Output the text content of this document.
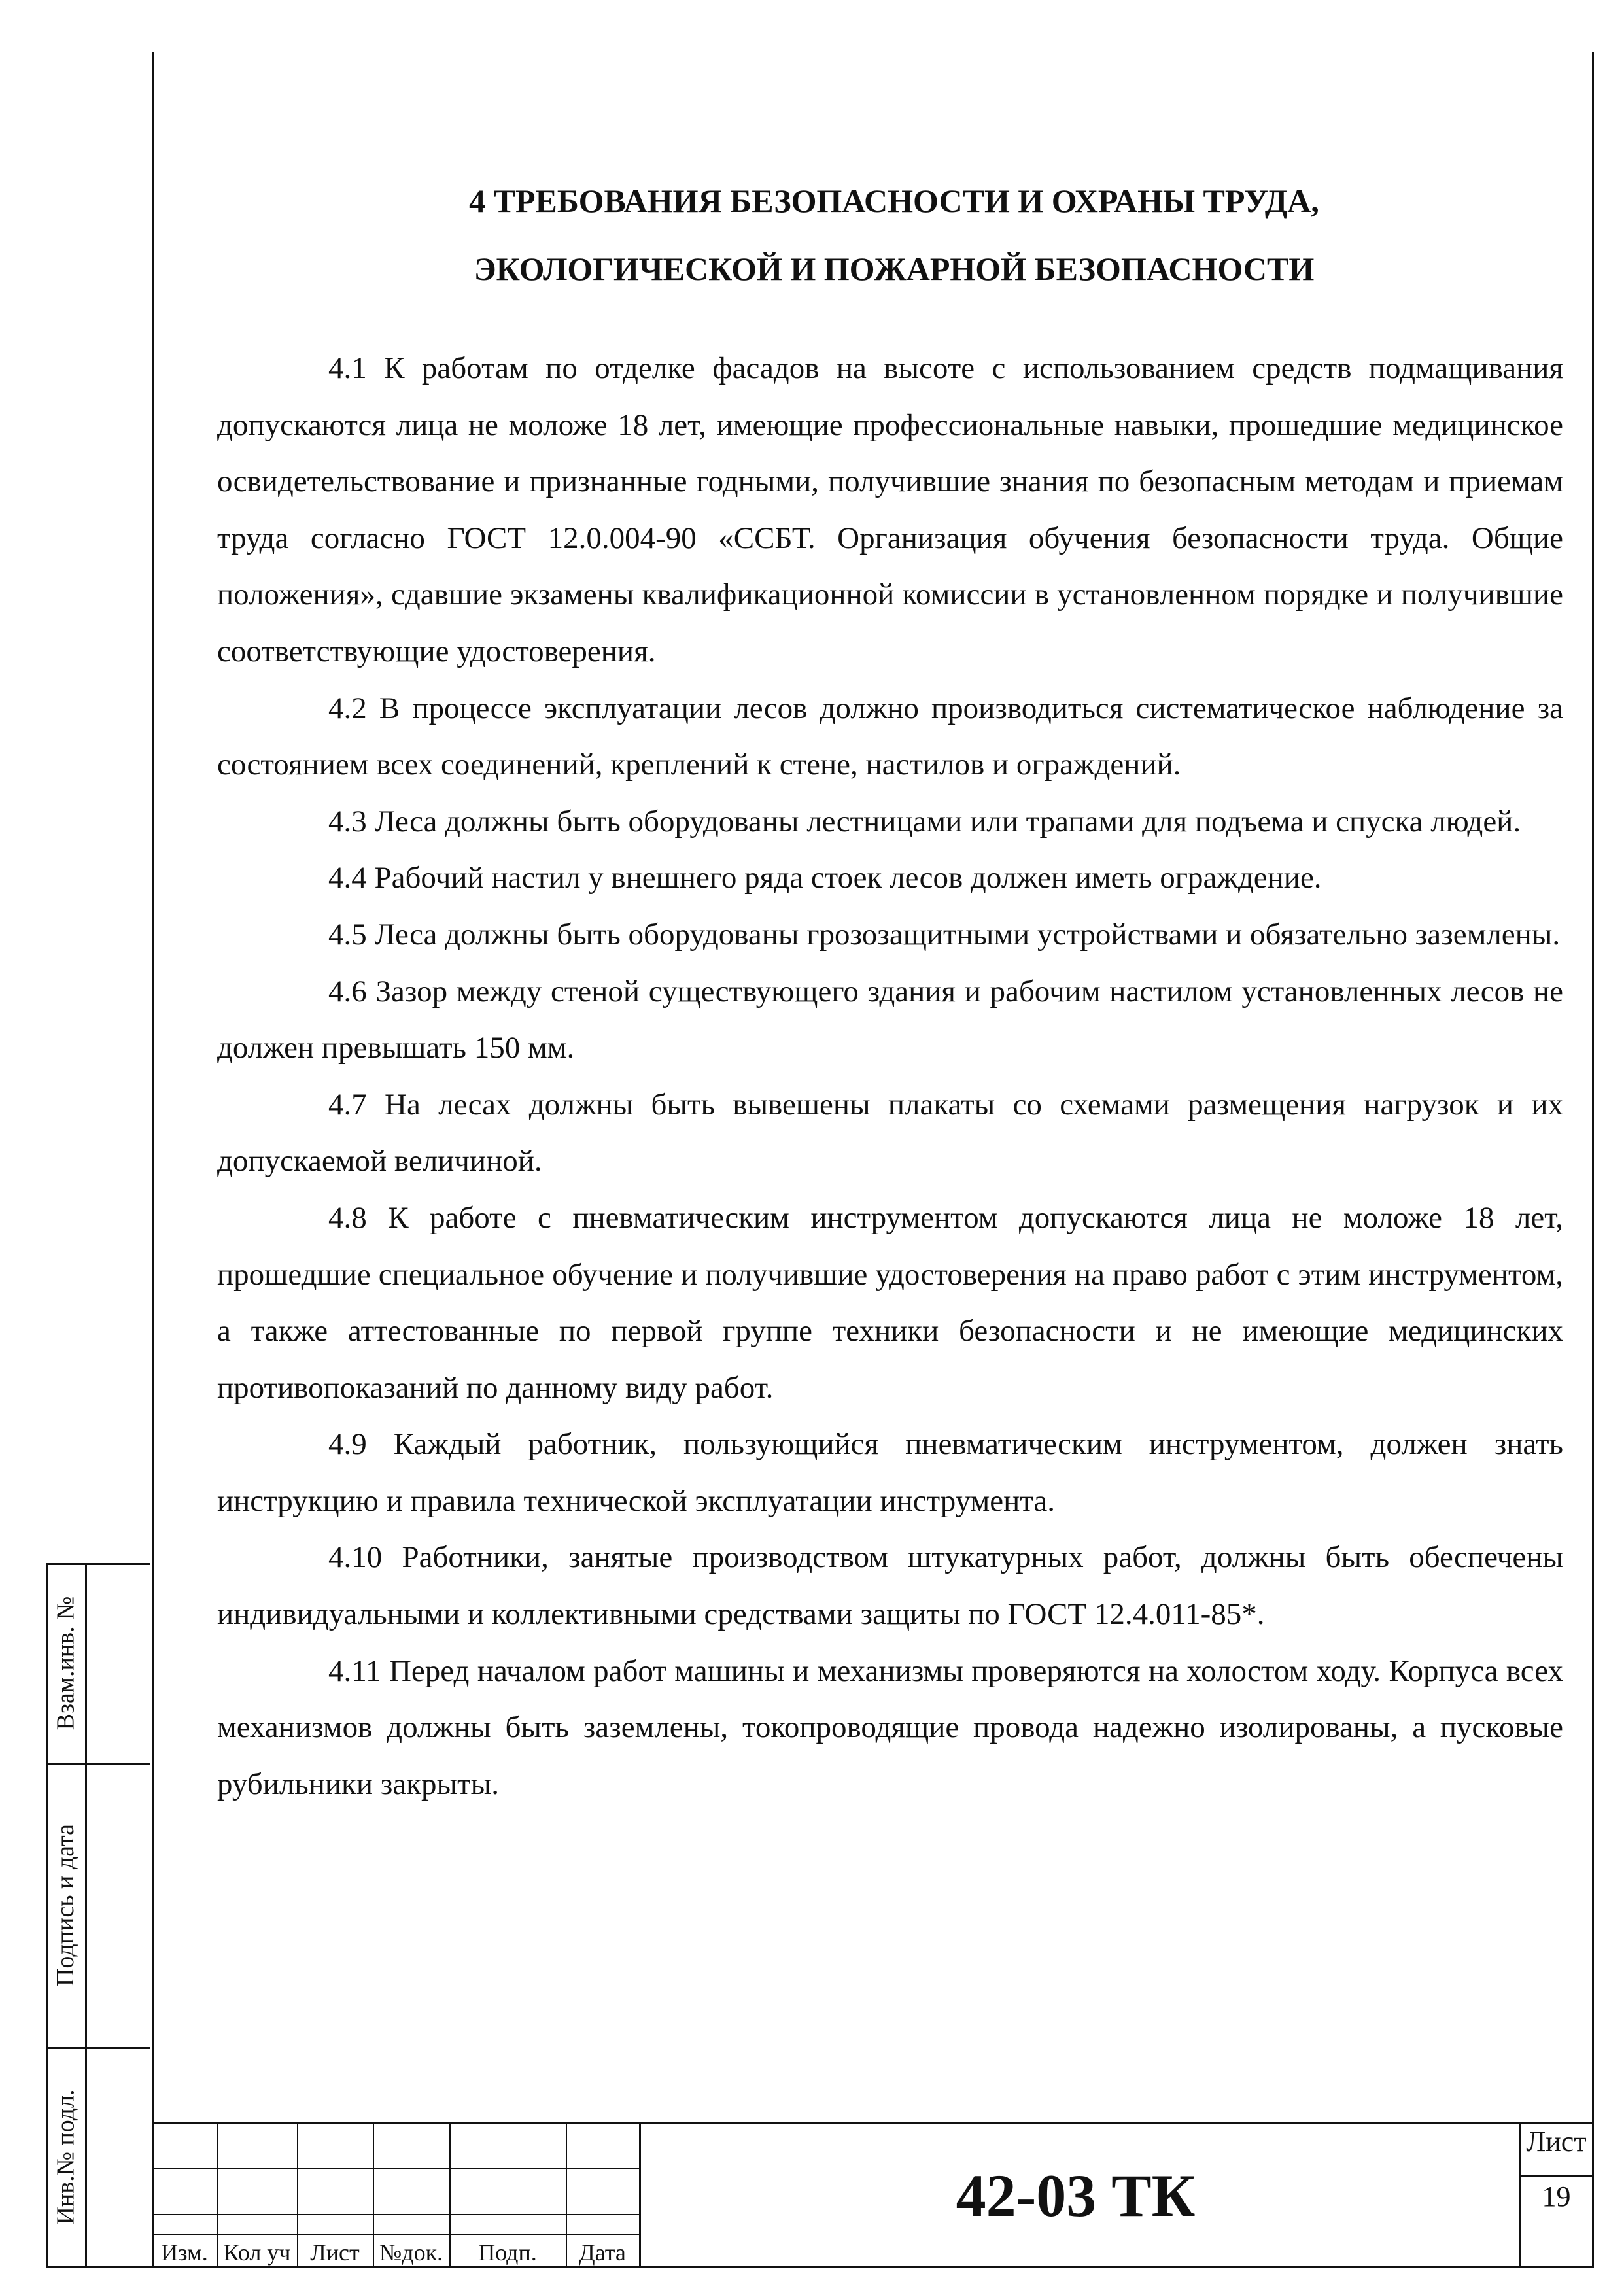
4 ТРЕБОВАНИЯ БЕЗОПАСНОСТИ И ОХРАНЫ ТРУДА,
ЭКОЛОГИЧЕСКОЙ И ПОЖАРНОЙ БЕЗОПАСНОСТИ

4.1 К работам по отделке фасадов на высоте с использованием средств подмащивания допускаются лица не моложе 18 лет, имеющие профессиональные навыки, прошедшие медицинское освидетельствование и признанные годными, получившие знания по безопасным методам и приемам труда согласно ГОСТ 12.0.004-90 «ССБТ. Организация обучения безопасности труда. Общие положения», сдавшие экзамены квалификационной комиссии в установленном порядке и получившие соответствующие удостоверения.

4.2 В процессе эксплуатации лесов должно производиться систематическое наблюдение за состоянием всех соединений, креплений к стене, настилов и ограждений.

4.3 Леса должны быть оборудованы лестницами или трапами для подъема и спуска людей.

4.4 Рабочий настил у внешнего ряда стоек лесов должен иметь ограждение.

4.5 Леса должны быть оборудованы грозозащитными устройствами и обязательно заземлены.

4.6 Зазор между стеной существующего здания и рабочим настилом установленных лесов не должен превышать 150 мм.

4.7 На лесах должны быть вывешены плакаты со схемами размещения нагрузок и их допускаемой величиной.

4.8 К работе с пневматическим инструментом допускаются лица не моложе 18 лет, прошедшие специальное обучение и получившие удостоверения на право работ с этим инструментом, а также аттестованные по первой группе техники безопасности и не имеющие медицинских противопоказаний по данному виду работ.

4.9 Каждый работник, пользующийся пневматическим инструментом, должен знать инструкцию и правила технической эксплуатации инструмента.

4.10 Работники, занятые производством штукатурных работ, должны быть обеспечены индивидуальными и коллективными средствами защиты по ГОСТ 12.4.011-85*.

4.11 Перед началом работ машины и механизмы проверяются на холостом ходу. Корпуса всех механизмов должны быть заземлены, токопроводящие провода надежно изолированы, а пусковые рубильники закрыты.

Взам.инв. №
Подпись и дата
Инв.№ подл.
Изм. Кол уч Лист №док.	Подп.	Дата
42-03 ТК
Лист
19
